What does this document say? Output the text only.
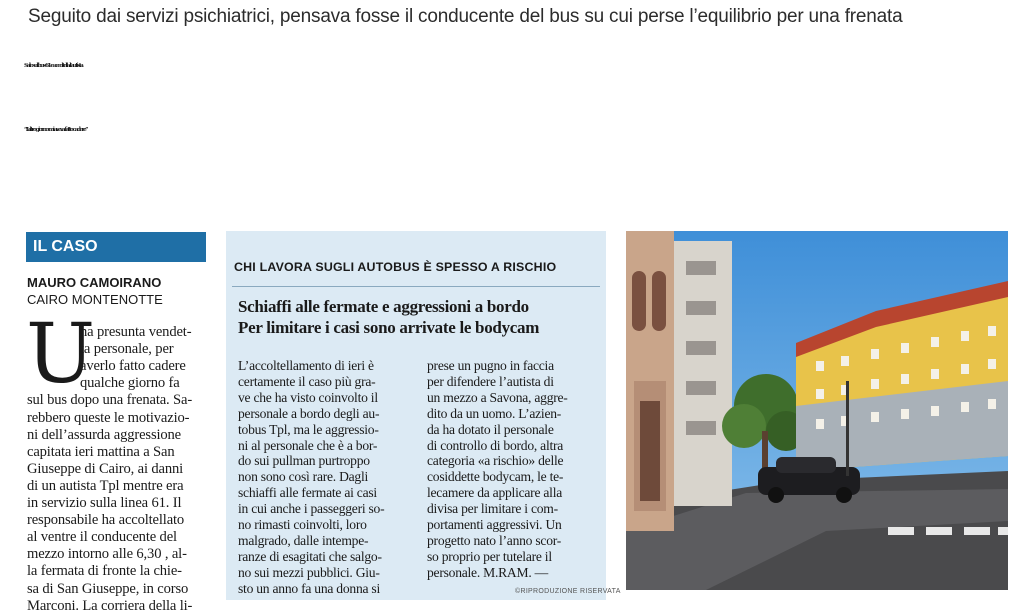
Seguito dai servizi psichiatrici, pensava fosse il conducente del bus su cui perse l’equilibrio per una frenata
Sale sul bus 61 e accoltella l’autista
“L’altro giorno mi aveva fatto cadere”
IL CASO
MAURO CAMOIRANO
CAIRO MONTENOTTE
U
na presunta vendet-
ta personale, per
averlo fatto cadere
qualche giorno fa
sul bus dopo una frenata. Sa-
rebbero queste le motivazio-
ni dell’assurda aggressione
capitata ieri mattina a San
Giuseppe di Cairo, ai danni
di un autista Tpl mentre era
in servizio sulla linea 61. Il
responsabile ha accoltellato
al ventre il conducente del
mezzo intorno alle 6,30 , al-
la fermata di fronte la chie-
sa di San Giuseppe, in corso
Marconi. La corriera della li-
CHI LAVORA SUGLI AUTOBUS È SPESSO A RISCHIO
Schiaffi alle fermate e aggressioni a bordo
Per limitare i casi sono arrivate le bodycam
L’accoltellamento di ieri è
certamente il caso più gra-
ve che ha visto coinvolto il
personale a bordo degli au-
tobus Tpl, ma le aggressio-
ni al personale che è a bor-
do sui pullman purtroppo
non sono così rare. Dagli
schiaffi alle fermate ai casi
in cui anche i passeggeri so-
no rimasti coinvolti, loro
malgrado, dalle intempe-
ranze di esagitati che salgo-
no sui mezzi pubblici. Giu-
sto un anno fa una donna si
prese un pugno in faccia
per difendere l’autista di
un mezzo a Savona, aggre-
dito da un uomo. L’azien-
da ha dotato il personale
di controllo di bordo, altra
categoria «a rischio» delle
cosiddette bodycam, le te-
lecamere da applicare alla
divisa per limitare i com-
portamenti aggressivi. Un
progetto nato l’anno scor-
so proprio per tutelare il
personale. M.RAM. —
©RIPRODUZIONE RISERVATA
